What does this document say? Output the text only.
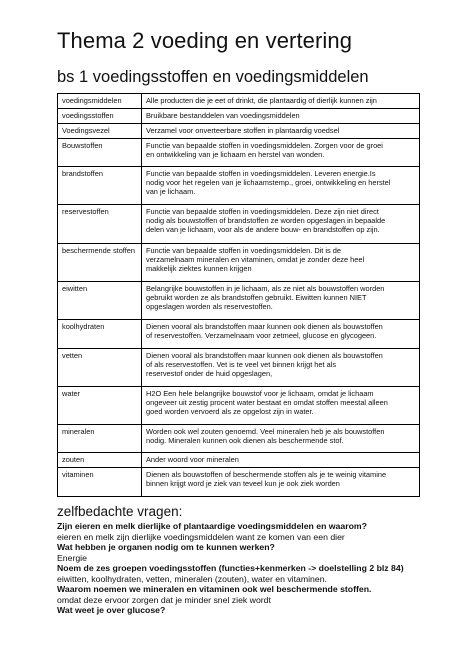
Thema 2 voeding en vertering
bs 1 voedingsstoffen en voedingsmiddelen
voedingsmiddelen	Alle producten die je eet of drinkt, die plantaardig of dierlijk kunnen zijn

voedingsstoffen	Bruikbare bestanddelen van voedingsmiddelen

Voedingsvezel	Verzamel voor onverteerbare stoffen in plantaardig voedsel

Bouwstoffen	Functie van bepaalde stoffen in voedingsmiddelen. Zorgen voor de groei
en ontwikkeling van je lichaam en herstel van wonden.

brandstoffen	Functie van bepaalde stoffen in voedingsmiddelen. Leveren energie.Is
nodig voor het regelen van je lichaamstemp., groei, ontwikkeling en herstel
van je lichaam.

reservestoffen	Functie van bepaalde stoffen in voedingsmiddelen. Deze zijn niet direct
nodig als bouwstoffen of brandstoffen ze worden opgeslagen in bepaalde
delen van je lichaam, voor als de andere bouw- en brandstoffen op zijn.

beschermende stoffen	Functie van bepaalde stoffen in voedingsmiddelen. Dit is de
verzamelnaam mineralen en vitaminen, omdat je zonder deze heel
makkelijk ziektes kunnen krijgen

eiwitten	Belangrijke bouwstoffen in je lichaam, als ze niet als bouwstoffen worden
gebruikt worden ze als brandstoffen gebruikt. Eiwitten kunnen NIET
opgeslagen worden als reservestoffen.

koolhydraten	Dienen vooral als brandstoffen maar kunnen ook dienen als bouwstoffen
of reservestoffen. Verzamelnaam voor zetmeel, glucose en glycogeen.

vetten	Dienen vooral als brandstoffen maar kunnen ook dienen als bouwstoffen
of als reservestoffen. Vet is te veel vet binnen krijgt het als
reservestof onder de huid opgeslagen,

water	H2O Een hele belangrijke bouwstof voor je lichaam, omdat je lichaam
ongeveer uit zestig procent water bestaat en omdat stoffen meestal alleen
goed worden vervoerd als ze opgelost zijn in water.

mineralen	Worden ook wel zouten genoemd. Veel mineralen heb je als bouwstoffen
nodig. Mineralen kunnen ook dienen als beschermende stof.

zouten	Ander woord voor mineralen

vitaminen	Dienen als bouwstoffen of beschermende stoffen als je te weinig vitamine
binnen krijgt word je ziek van teveel kun je ook ziek worden
zelfbedachte vragen:
Zijn eieren en melk dierlijke of plantaardige voedingsmiddelen en waarom?
eieren en melk zijn dierlijke voedingsmiddelen want ze komen van een dier
Wat hebben je organen nodig om te kunnen werken?
Energie
Noem de zes groepen voedingsstoffen (functies+kenmerken -> doelstelling 2 blz 84)
eiwitten, koolhydraten, vetten, mineralen (zouten), water en vitaminen.
Waarom noemen we mineralen en vitaminen ook wel beschermende stoffen.
omdat deze ervoor zorgen dat je minder snel ziek wordt
Wat weet je over glucose?
